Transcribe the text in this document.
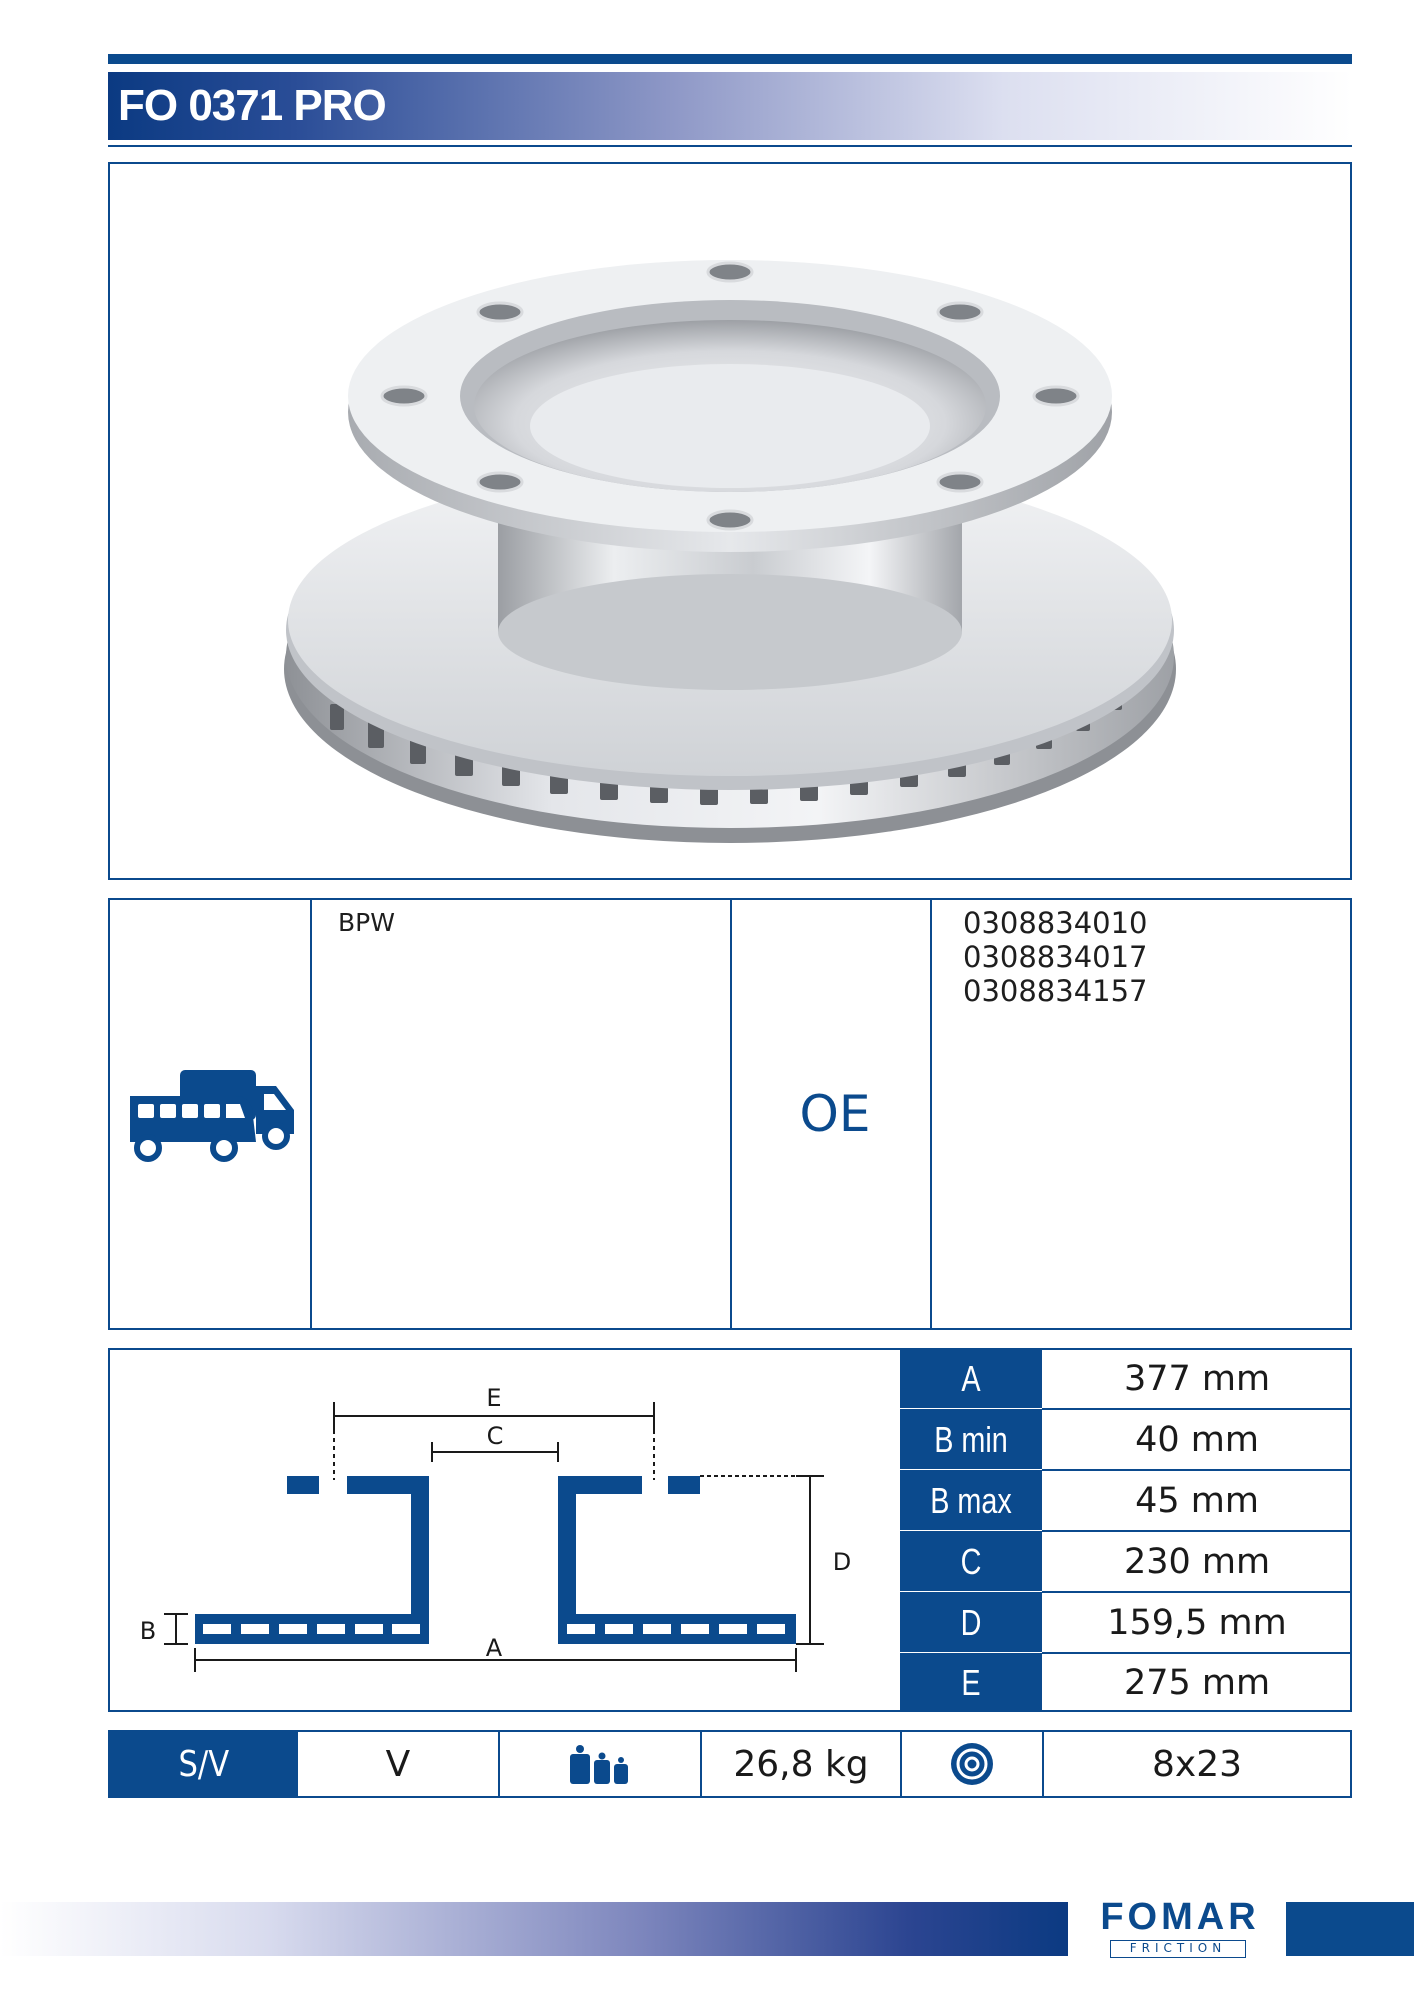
FO 0371 PRO
BPW
OE
0308834010
0308834017
0308834157
E
C
D
A
B
A	377 mm
B min	40 mm
B max	45 mm
C	230 mm
D	159,5 mm
E	275 mm
S/V	V	26,8 kg	8x23
FOMAR
FRICTION
